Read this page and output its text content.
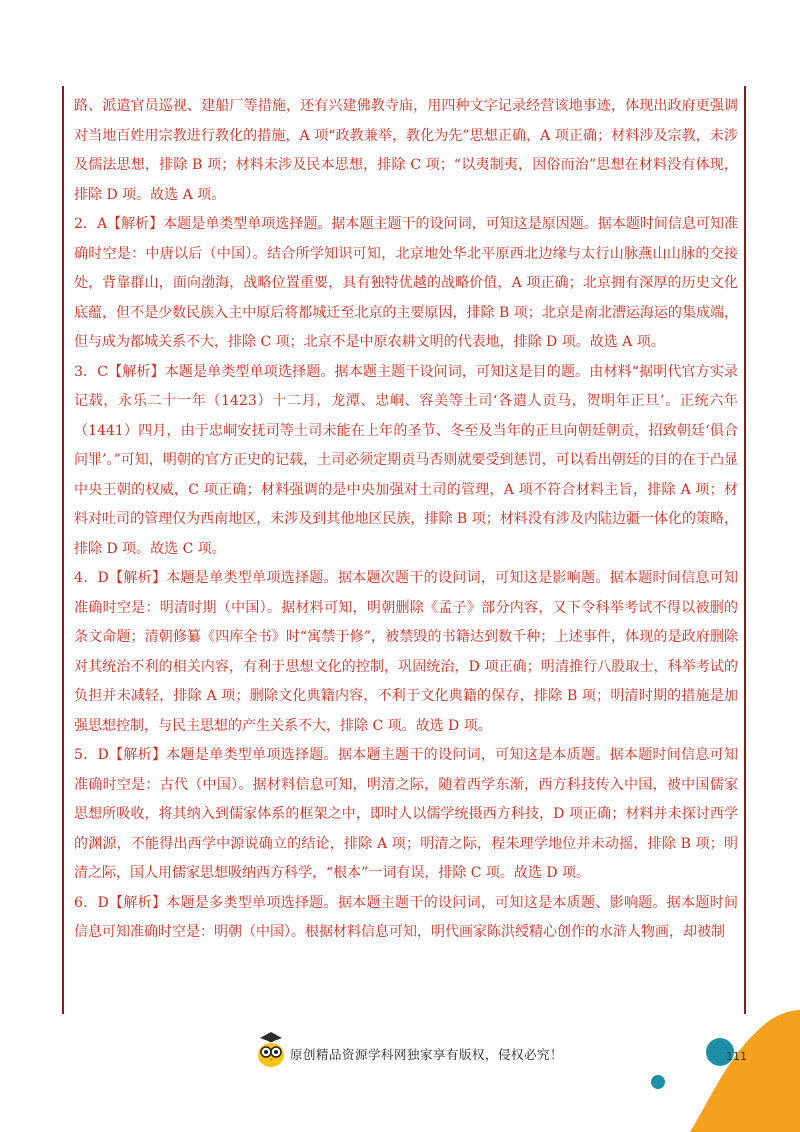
路、派遣官员巡视、建船厂等措施，还有兴建佛教寺庙，用四种文字记录经营该地事迹，体现出政府更强调对当地百姓用宗教进行教化的措施，A 项“政教兼举，教化为先”思想正确，A 项正确；材料涉及宗教，未涉及儒法思想，排除 B 项；材料未涉及民本思想，排除 C 项；“以夷制夷，因俗而治”思想在材料没有体现，排除 D 项。故选 A 项。

2．A【解析】本题是单类型单项选择题。据本题主题干的设问词，可知这是原因题。据本题时间信息可知准确时空是：中唐以后（中国）。结合所学知识可知，北京地处华北平原西北边缘与太行山脉燕山山脉的交接处，背靠群山，面向渤海，战略位置重要，具有独特优越的战略价值，A 项正确；北京拥有深厚的历史文化底蕴，但不是少数民族入主中原后将都城迁至北京的主要原因，排除 B 项；北京是南北漕运海运的集成端，但与成为都城关系不大，排除 C 项；北京不是中原农耕文明的代表地，排除 D 项。故选 A 项。

3．C【解析】本题是单类型单项选择题。据本题主题干设问词，可知这是目的题。由材料“据明代官方实录记载，永乐二十一年（1423）十二月，龙潭、忠峒、容美等土司‘各遣人贡马，贺明年正旦’。正统六年（1441）四月，由于忠峒安抚司等土司未能在上年的圣节、冬至及当年的正旦向朝廷朝贡，招致朝廷‘俱合问罪’。”可知，明朝的官方正史的记载，土司必须定期贡马否则就要受到惩罚，可以看出朝廷的目的在于凸显中央王朝的权威，C 项正确；材料强调的是中央加强对土司的管理，A 项不符合材料主旨，排除 A 项；材料对吐司的管理仅为西南地区，未涉及到其他地区民族，排除 B 项；材料没有涉及内陆边疆一体化的策略，排除 D 项。故选 C 项。

4．D【解析】本题是单类型单项选择题。据本题次题干的设问词，可知这是影响题。据本题时间信息可知准确时空是：明清时期（中国）。据材料可知，明朝删除《孟子》部分内容，又下令科举考试不得以被删的条文命题；清朝修纂《四库全书》时“寓禁于修”，被禁毁的书籍达到数千种；上述事件，体现的是政府删除对其统治不利的相关内容，有利于思想文化的控制，巩固统治，D 项正确；明清推行八股取士，科举考试的负担并未减轻，排除 A 项；删除文化典籍内容，不利于文化典籍的保存，排除 B 项；明清时期的措施是加强思想控制，与民主思想的产生关系不大，排除 C 项。故选 D 项。

5．D【解析】本题是单类型单项选择题。据本题主题干的设问词，可知这是本质题。据本题时间信息可知准确时空是：古代（中国）。据材料信息可知，明清之际，随着西学东渐，西方科技传入中国，被中国儒家思想所吸收，将其纳入到儒家体系的框架之中，即时人以儒学统摄西方科技，D 项正确；材料并未探讨西学的渊源，不能得出西学中源说确立的结论，排除 A 项；明清之际，程朱理学地位并未动摇，排除 B 项；明清之际，国人用儒家思想吸纳西方科学，“根本”一词有误，排除 C 项。故选 D 项。

6．D【解析】本题是多类型单项选择题。据本题主题干的设问词，可知这是本质题、影响题。据本题时间信息可知准确时空是：明朝（中国）。根据材料信息可知，明代画家陈洪绶精心创作的水浒人物画，却被制

原创精品资源学科网独家享有版权，侵权必究！	111
